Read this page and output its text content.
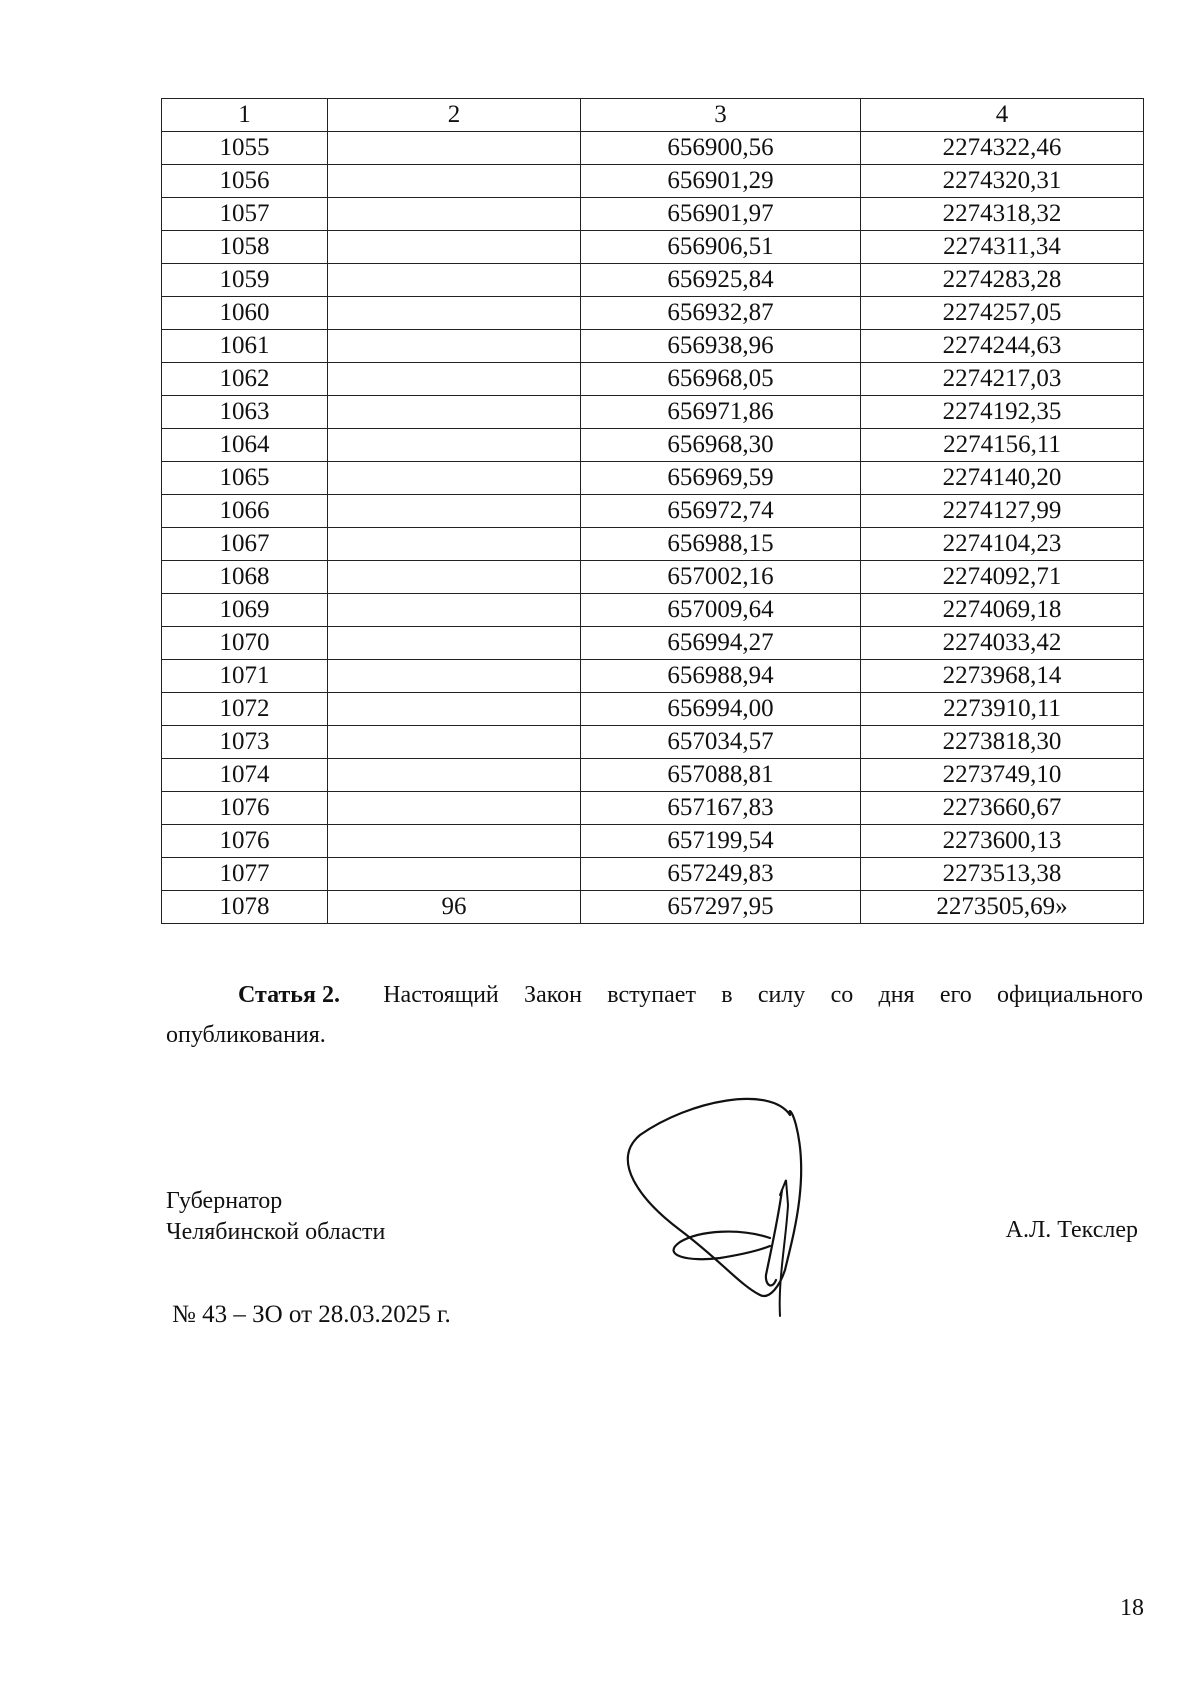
1	2	3	4
1055		656900,56	2274322,46
1056		656901,29	2274320,31
1057		656901,97	2274318,32
1058		656906,51	2274311,34
1059		656925,84	2274283,28
1060		656932,87	2274257,05
1061		656938,96	2274244,63
1062		656968,05	2274217,03
1063		656971,86	2274192,35
1064		656968,30	2274156,11
1065		656969,59	2274140,20
1066		656972,74	2274127,99
1067		656988,15	2274104,23
1068		657002,16	2274092,71
1069		657009,64	2274069,18
1070		656994,27	2274033,42
1071		656988,94	2273968,14
1072		656994,00	2273910,11
1073		657034,57	2273818,30
1074		657088,81	2273749,10
1076		657167,83	2273660,67
1076		657199,54	2273600,13
1077		657249,83	2273513,38
1078	96	657297,95	2273505,69»
Статья 2. Настоящий Закон вступает в силу со дня его официального
опубликования.
Губернатор
Челябинской области	А.Л. Текслер
№ 43 – ЗО от 28.03.2025 г.
18
